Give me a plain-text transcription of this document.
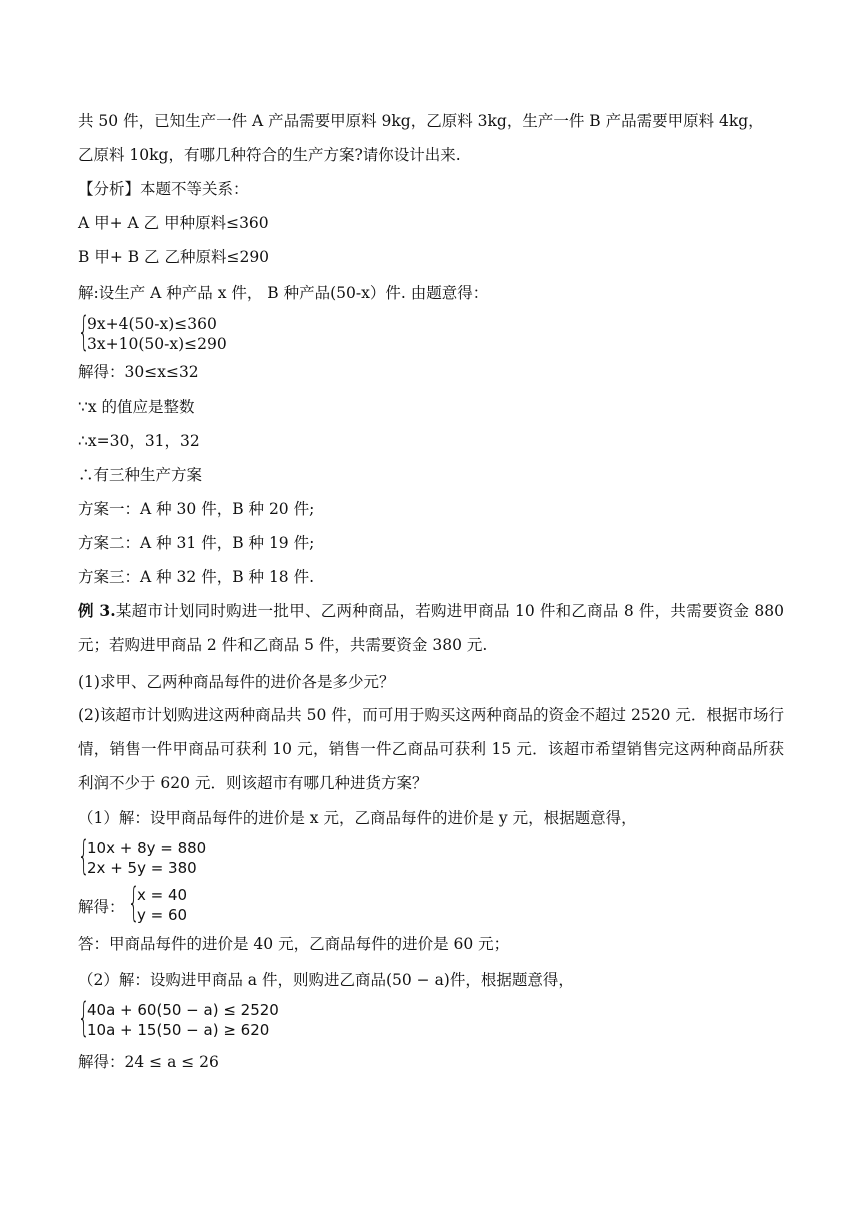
共 50 件，已知生产一件 A 产品需要甲原料 9kg，乙原料 3kg，生产一件 B 产品需要甲原料 4kg，
乙原料 10kg，有哪几种符合的生产方案?请你设计出来.
【分析】本题不等关系：
A 甲+ A 乙 甲种原料≤360
B 甲+ B 乙 乙种原料≤290
解:设生产 A 种产品 x 件， B 种产品(50-x）件. 由题意得：
{
9x+4(50-x)≤360
3x+10(50-x)≤290
解得：30≤x≤32
∵x 的值应是整数
∴x=30，31，32
∴有三种生产方案
方案一：A 种 30 件，B 种 20 件;
方案二：A 种 31 件，B 种 19 件;
方案三：A 种 32 件，B 种 18 件.
例 3.某超市计划同时购进一批甲、乙两种商品，若购进甲商品 10 件和乙商品 8 件，共需要资金 880 元；若购进甲商品 2 件和乙商品 5 件，共需要资金 380 元.
(1)求甲、乙两种商品每件的进价各是多少元？
(2)该超市计划购进这两种商品共 50 件，而可用于购买这两种商品的资金不超过 2520 元．根据市场行情，销售一件甲商品可获利 10 元，销售一件乙商品可获利 15 元．该超市希望销售完这两种商品所获利润不少于 620 元．则该超市有哪几种进货方案？
（1）解：设甲商品每件的进价是 x 元，乙商品每件的进价是 y 元，根据题意得，
{
10x + 8y = 880
2x + 5y = 380
解得： {
x = 40
y = 60
答：甲商品每件的进价是 40 元，乙商品每件的进价是 60 元；
（2）解：设购进甲商品 a 件，则购进乙商品(50 − a)件，根据题意得，
{
40a + 60(50 − a) ≤ 2520
10a + 15(50 − a) ≥ 620
解得：24 ≤ a ≤ 26
